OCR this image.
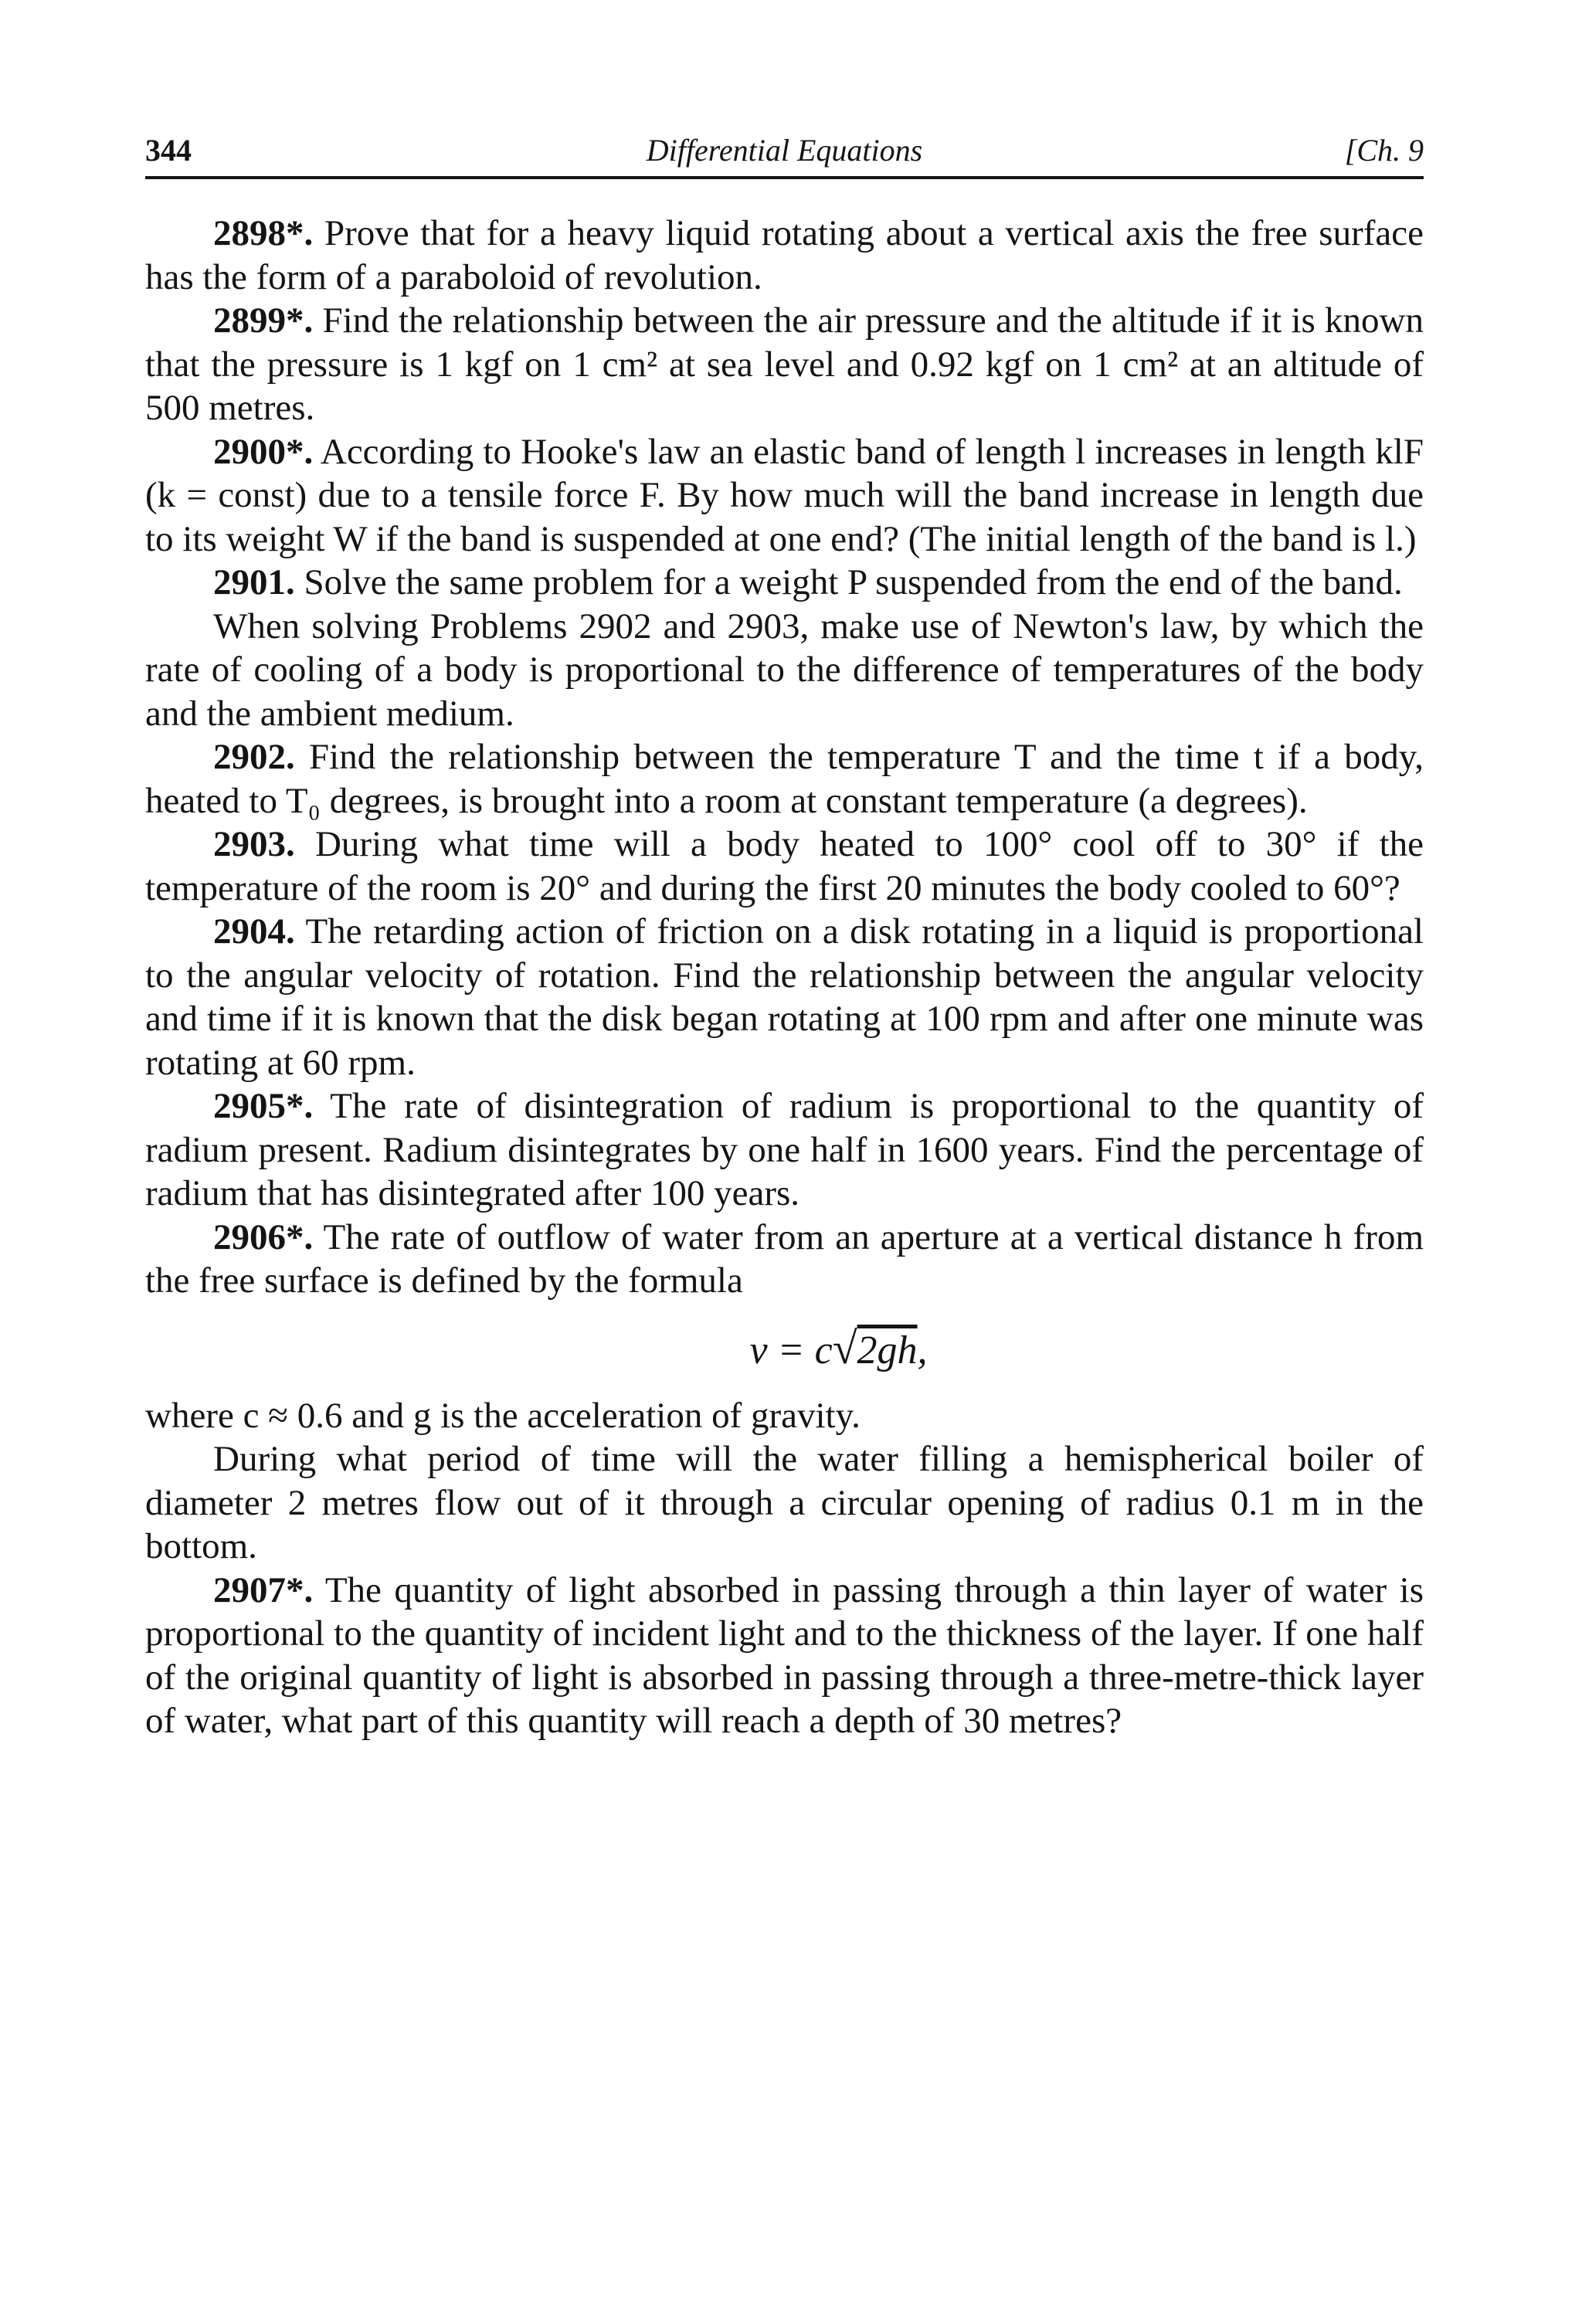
344	Differential Equations	[Ch. 9

2898*. Prove that for a heavy liquid rotating about a vertical axis the free surface has the form of a paraboloid of revolution.

2899*. Find the relationship between the air pressure and the altitude if it is known that the pressure is 1 kgf on 1 cm² at sea level and 0.92 kgf on 1 cm² at an altitude of 500 metres.

2900*. According to Hooke's law an elastic band of length l increases in length klF (k = const) due to a tensile force F. By how much will the band increase in length due to its weight W if the band is suspended at one end? (The initial length of the band is l.)

2901. Solve the same problem for a weight P suspended from the end of the band.

When solving Problems 2902 and 2903, make use of Newton's law, by which the rate of cooling of a body is proportional to the difference of temperatures of the body and the ambient medium.

2902. Find the relationship between the temperature T and the time t if a body, heated to T₀ degrees, is brought into a room at constant temperature (a degrees).

2903. During what time will a body heated to 100° cool off to 30° if the temperature of the room is 20° and during the first 20 minutes the body cooled to 60°?

2904. The retarding action of friction on a disk rotating in a liquid is proportional to the angular velocity of rotation. Find the relationship between the angular velocity and time if it is known that the disk began rotating at 100 rpm and after one minute was rotating at 60 rpm.

2905*. The rate of disintegration of radium is proportional to the quantity of radium present. Radium disintegrates by one half in 1600 years. Find the percentage of radium that has disintegrated after 100 years.

2906*. The rate of outflow of water from an aperture at a vertical distance h from the free surface is defined by the formula

v = c√2gh,

where c ≈ 0.6 and g is the acceleration of gravity.

During what period of time will the water filling a hemispherical boiler of diameter 2 metres flow out of it through a circular opening of radius 0.1 m in the bottom.

2907*. The quantity of light absorbed in passing through a thin layer of water is proportional to the quantity of incident light and to the thickness of the layer. If one half of the original quantity of light is absorbed in passing through a three-metre-thick layer of water, what part of this quantity will reach a depth of 30 metres?
